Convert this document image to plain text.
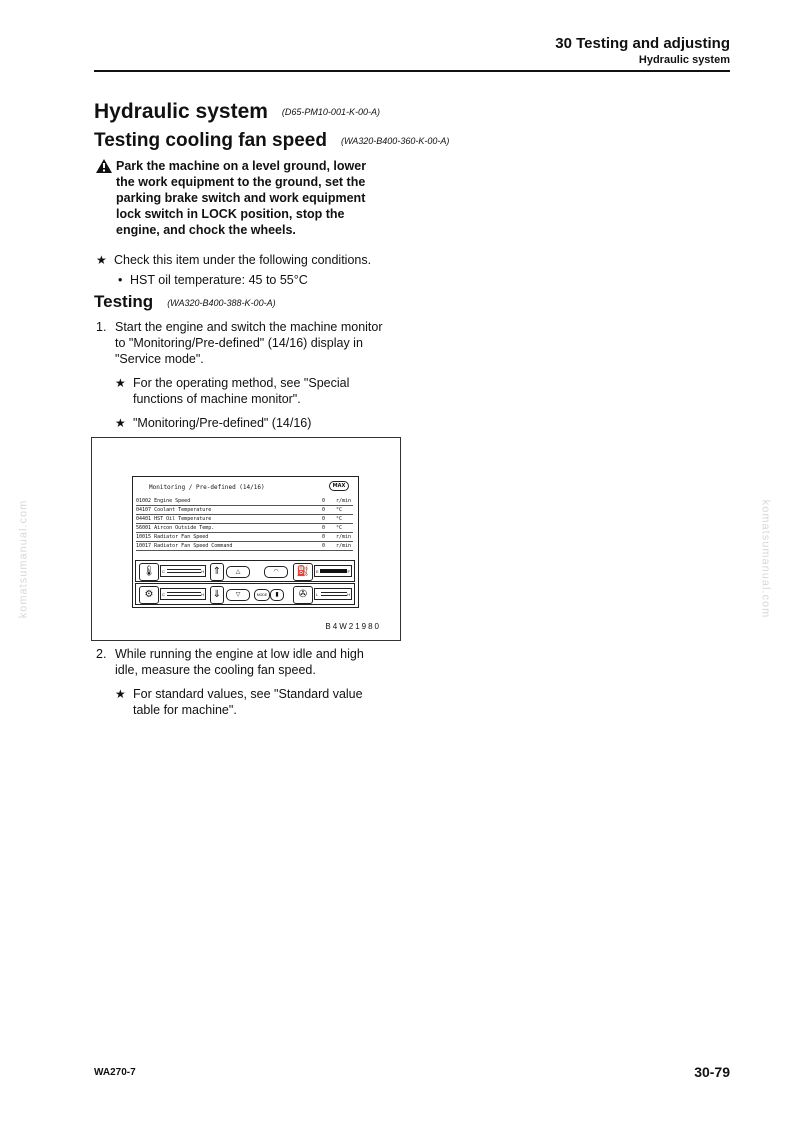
30 Testing and adjusting
Hydraulic system
komatsumanual.com	komatsumanual.com
Hydraulic system (D65-PM10-001-K-00-A)
Testing cooling fan speed (WA320-B400-360-K-00-A)
Park the machine on a level ground, lower
the work equipment to the ground, set the
parking brake switch and work equipment
lock switch in LOCK position, stop the
engine, and chock the wheels.
★ Check this item under the following conditions.
• HST oil temperature: 45 to 55°C
Testing (WA320-B400-388-K-00-A)
1. Start the engine and switch the machine monitor
to "Monitoring/Pre-defined" (14/16) display in
"Service mode".
★ For the operating method, see "Special
functions of machine monitor".
★ "Monitoring/Pre-defined" (14/16)
Monitoring / Pre-defined (14/16)	MAX
01002 Engine Speed	0 r/min
04107 Coolant Temperature	0 °C
04401 HST Oil Temperature	0 °C
56001 Aircon Outside Temp.	0 °C
10015 Radiator Fan Speed	0 r/min
10017 Radiator Fan Speed Command	0 r/min
🌡	C	H ⇑	△	◠	⛽	E	F
⚙	C	H ⇓	▽	MODE	▮	✇	L	H
B4W21980
2. While running the engine at low idle and high
idle, measure the cooling fan speed.
★ For standard values, see "Standard value
table for machine".
WA270-7	30-79
